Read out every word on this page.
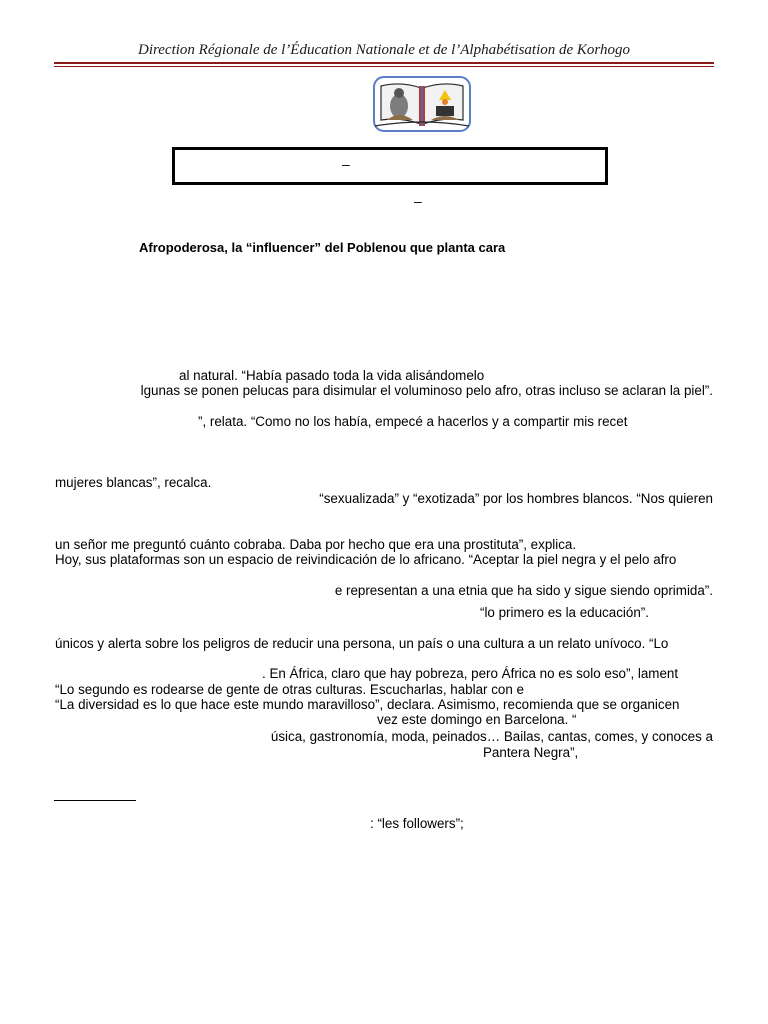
Direction Régionale de l’Éducation Nationale et de l’Alphabétisation de Korhogo
–
–
Afropoderosa, la “influencer” del Poblenou que planta cara
al natural. “Había pasado toda la vida alisándomelo
lgunas se ponen pelucas para disimular el voluminoso pelo afro, otras incluso se aclaran la piel”.
”, relata. “Como no los había, empecé a hacerlos y a compartir mis recet
mujeres blancas”, recalca.
“sexualizada” y “exotizada” por los hombres blancos. “Nos quieren
un señor me preguntó cuánto cobraba. Daba por hecho que era una prostituta”, explica.
Hoy, sus plataformas son un espacio de reivindicación de lo africano. “Aceptar la piel negra y el pelo afro
e representan a una etnia que ha sido y sigue siendo oprimida”.
“lo primero es la educación”.
únicos y alerta sobre los peligros de reducir una persona, un país o una cultura a un relato unívoco. “Lo
. En África, claro que hay pobreza, pero África no es solo eso”, lament
“Lo segundo es rodearse de gente de otras culturas. Escucharlas, hablar con e
“La diversidad es lo que hace este mundo maravilloso”, declara. Asimismo, recomienda que se organicen
vez este domingo en Barcelona. “
úsica, gastronomía, moda, peinados… Bailas, cantas, comes, y conoces a
Pantera Negra”,
: “les followers”;
